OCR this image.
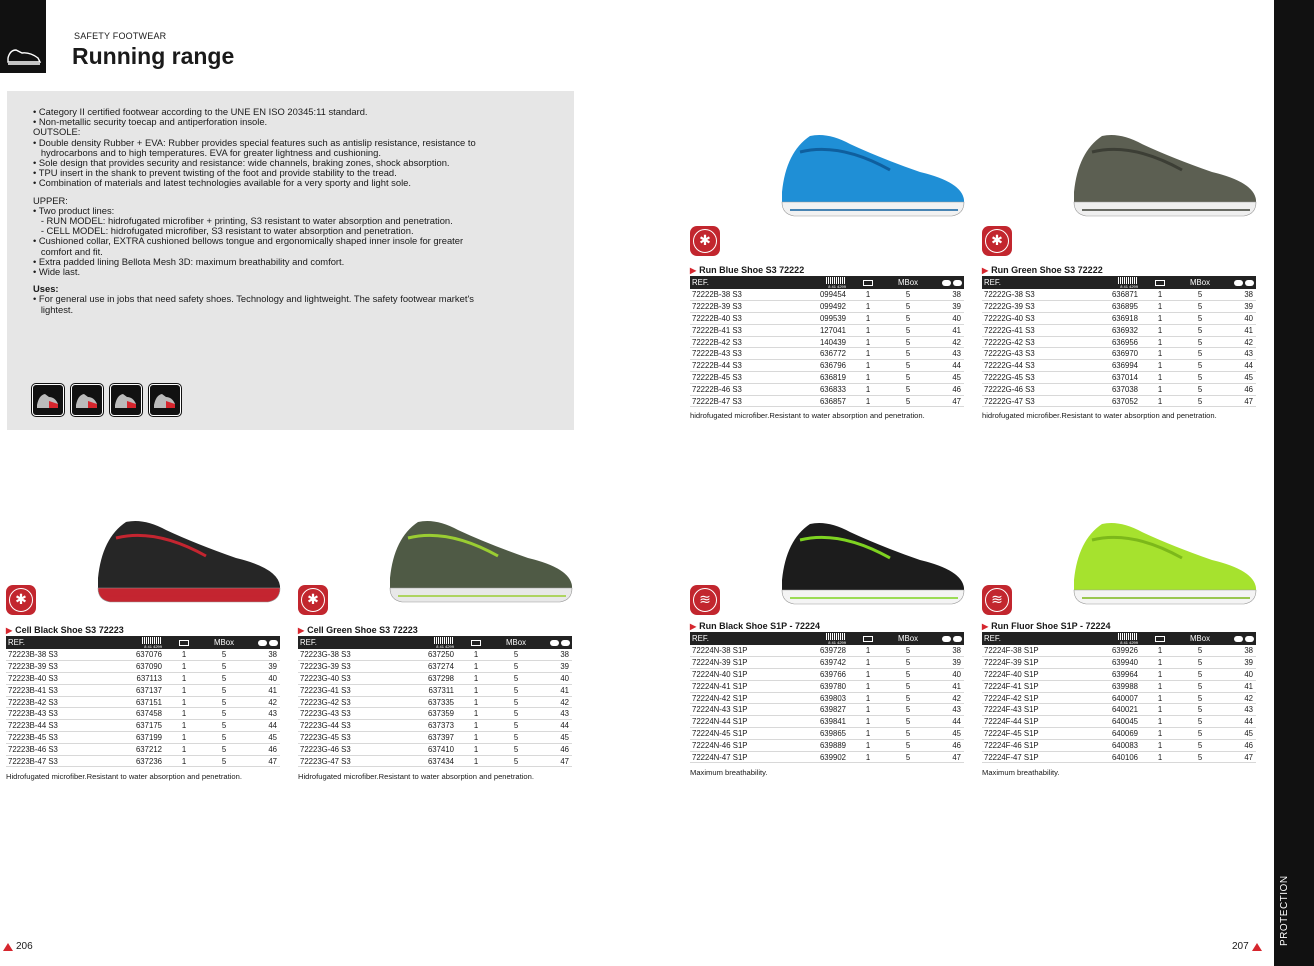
SAFETY FOOTWEAR
Running range
• Category II certified footwear according to the UNE EN ISO 20345:11 standard.
• Non-metallic security toecap and antiperforation insole.
OUTSOLE:
• Double density Rubber + EVA: Rubber provides special features such as antislip resistance, resistance to
hydrocarbons and to high temperatures. EVA for greater lightness and cushioning.
• Sole design that provides security and resistance: wide channels, braking zones, shock absorption.
• TPU insert in the shank to prevent twisting of the foot and provide stability to the tread.
• Combination of materials and latest technologies available for a very sporty and light sole.
UPPER:
• Two product lines:
- RUN MODEL: hidrofugated microfiber + printing, S3 resistant to water absorption and penetration.
- CELL MODEL: hidrofugated microfiber, S3 resistant to water absorption and penetration.
• Cushioned collar, EXTRA cushioned bellows tongue and ergonomically shaped inner insole for greater
comfort and fit.
• Extra padded lining Bellota Mesh 3D: maximum breathability and comfort.
• Wide last.
Uses:
• For general use in jobs that need safety shoes. Technology and lightweight. The safety footwear market's
lightest.
✱
▶ Run Blue Shoe S3 72222
REF.	8 41 4299		MBox	
72222B-38 S3	099454	1	5	38
72222B-39 S3	099492	1	5	39
72222B-40 S3	099539	1	5	40
72222B-41 S3	127041	1	5	41
72222B-42 S3	140439	1	5	42
72222B-43 S3	636772	1	5	43
72222B-44 S3	636796	1	5	44
72222B-45 S3	636819	1	5	45
72222B-46 S3	636833	1	5	46
72222B-47 S3	636857	1	5	47
hidrofugated microfiber.Resistant to water absorption and penetration.
✱
▶ Run Green Shoe S3 72222
REF.	8 41 4299		MBox	
72222G-38 S3	636871	1	5	38
72222G-39 S3	636895	1	5	39
72222G-40 S3	636918	1	5	40
72222G-41 S3	636932	1	5	41
72222G-42 S3	636956	1	5	42
72222G-43 S3	636970	1	5	43
72222G-44 S3	636994	1	5	44
72222G-45 S3	637014	1	5	45
72222G-46 S3	637038	1	5	46
72222G-47 S3	637052	1	5	47
hidrofugated microfiber.Resistant to water absorption and penetration.
✱
▶ Cell Black Shoe S3 72223
REF.	8 41 4299		MBox	
72223B-38 S3	637076	1	5	38
72223B-39 S3	637090	1	5	39
72223B-40 S3	637113	1	5	40
72223B-41 S3	637137	1	5	41
72223B-42 S3	637151	1	5	42
72223B-43 S3	637458	1	5	43
72223B-44 S3	637175	1	5	44
72223B-45 S3	637199	1	5	45
72223B-46 S3	637212	1	5	46
72223B-47 S3	637236	1	5	47
Hidrofugated microfiber.Resistant to water absorption and penetration.
✱
▶ Cell Green Shoe S3 72223
REF.	8 41 4299		MBox	
72223G-38 S3	637250	1	5	38
72223G-39 S3	637274	1	5	39
72223G-40 S3	637298	1	5	40
72223G-41 S3	637311	1	5	41
72223G-42 S3	637335	1	5	42
72223G-43 S3	637359	1	5	43
72223G-44 S3	637373	1	5	44
72223G-45 S3	637397	1	5	45
72223G-46 S3	637410	1	5	46
72223G-47 S3	637434	1	5	47
Hidrofugated microfiber.Resistant to water absorption and penetration.
≋
▶ Run Black Shoe S1P - 72224
REF.	8 41 4299		MBox	
72224N-38 S1P	639728	1	5	38
72224N-39 S1P	639742	1	5	39
72224N-40 S1P	639766	1	5	40
72224N-41 S1P	639780	1	5	41
72224N-42 S1P	639803	1	5	42
72224N-43 S1P	639827	1	5	43
72224N-44 S1P	639841	1	5	44
72224N-45 S1P	639865	1	5	45
72224N-46 S1P	639889	1	5	46
72224N-47 S1P	639902	1	5	47
Maximum breathability.
≋
▶ Run Fluor Shoe S1P - 72224
REF.	8 41 4299		MBox	
72224F-38 S1P	639926	1	5	38
72224F-39 S1P	639940	1	5	39
72224F-40 S1P	639964	1	5	40
72224F-41 S1P	639988	1	5	41
72224F-42 S1P	640007	1	5	42
72224F-43 S1P	640021	1	5	43
72224F-44 S1P	640045	1	5	44
72224F-45 S1P	640069	1	5	45
72224F-46 S1P	640083	1	5	46
72224F-47 S1P	640106	1	5	47
Maximum breathability.
206	207
PROTECTION
